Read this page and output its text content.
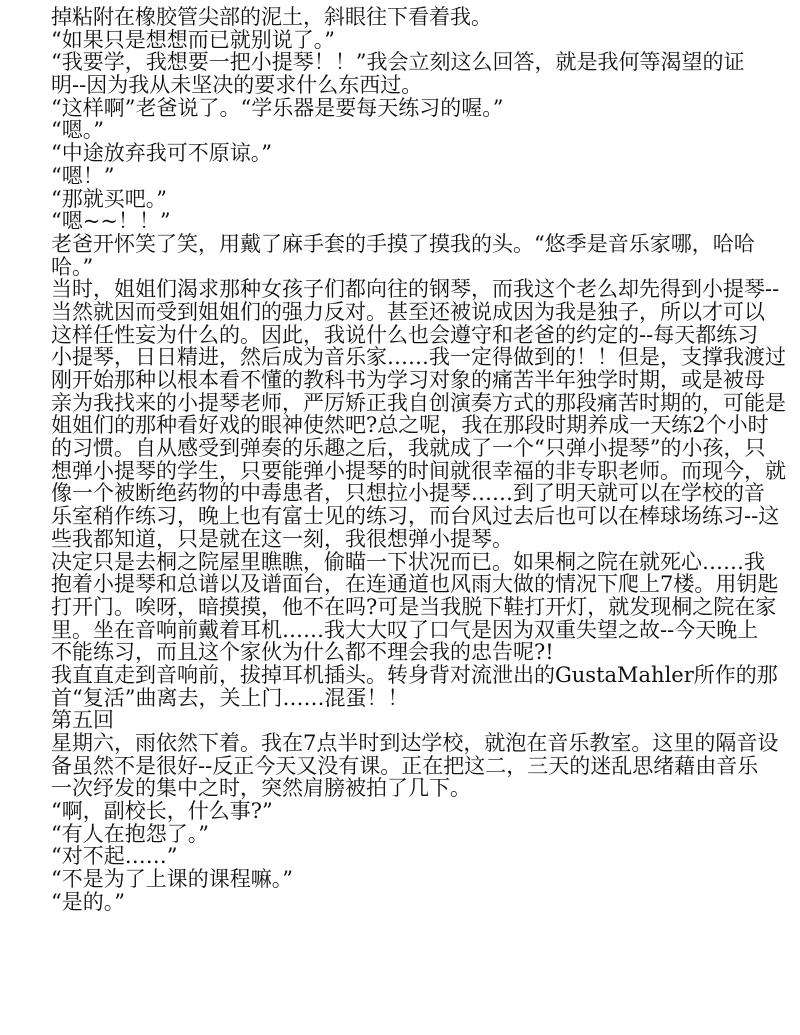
掉粘附在橡胶管尖部的泥土，斜眼往下看着我。
“如果只是想想而已就别说了。”
“我要学，我想要一把小提琴！！”我会立刻这么回答，就是我何等渴望的证
明--因为我从未坚决的要求什么东西过。
“这样啊”老爸说了。“学乐器是要每天练习的喔。”
“嗯。”
“中途放弃我可不原谅。”
“嗯！”
“那就买吧。”
“嗯~~！！”
老爸开怀笑了笑，用戴了麻手套的手摸了摸我的头。“悠季是音乐家哪，哈哈
哈。”
当时，姐姐们渴求那种女孩子们都向往的钢琴，而我这个老么却先得到小提琴--
当然就因而受到姐姐们的强力反对。甚至还被说成因为我是独子，所以才可以
这样任性妄为什么的。因此，我说什么也会遵守和老爸的约定的--每天都练习
小提琴，日日精进，然后成为音乐家……我一定得做到的！！但是，支撑我渡过
刚开始那种以根本看不懂的教科书为学习对象的痛苦半年独学时期，或是被母
亲为我找来的小提琴老师，严厉矫正我自创演奏方式的那段痛苦时期的，可能是
姐姐们的那种看好戏的眼神使然吧?总之呢，我在那段时期养成一天练2个小时
的习惯。自从感受到弹奏的乐趣之后，我就成了一个“只弹小提琴”的小孩，只
想弹小提琴的学生，只要能弹小提琴的时间就很幸福的非专职老师。而现今，就
像一个被断绝药物的中毒患者，只想拉小提琴……到了明天就可以在学校的音
乐室稍作练习，晚上也有富士见的练习，而台风过去后也可以在棒球场练习--这
些我都知道，只是就在这一刻，我很想弹小提琴。
决定只是去桐之院屋里瞧瞧，偷瞄一下状况而已。如果桐之院在就死心……我
抱着小提琴和总谱以及谱面台，在连通道也风雨大做的情况下爬上7楼。用钥匙
打开门。唉呀，暗摸摸，他不在吗?可是当我脱下鞋打开灯，就发现桐之院在家
里。坐在音响前戴着耳机……我大大叹了口气是因为双重失望之故--今天晚上
不能练习，而且这个家伙为什么都不理会我的忠告呢?!
我直直走到音响前，拔掉耳机插头。转身背对流泄出的GustaMahler所作的那
首“复活”曲离去，关上门……混蛋！！
第五回
星期六，雨依然下着。我在7点半时到达学校，就泡在音乐教室。这里的隔音设
备虽然不是很好--反正今天又没有课。正在把这二，三天的迷乱思绪藉由音乐
一次纾发的集中之时，突然肩膀被拍了几下。
“啊，副校长，什么事?”
“有人在抱怨了。”
“对不起……”
“不是为了上课的课程嘛。”
“是的。”
